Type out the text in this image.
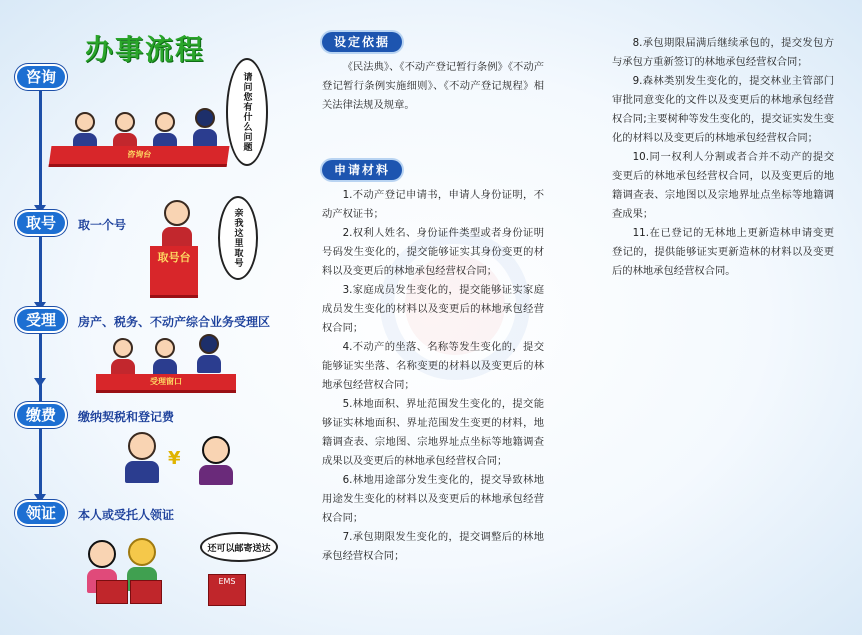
办事流程
咨询	请问您有什么问题
咨询台
取号	取一个号
取号台	亲我这里取号
受理	房产、税务、不动产综合业务受理区
受理窗口
缴费	缴纳契税和登记费
¥
领证	本人或受托人领证
还可以邮寄送达
EMS
设定依据

《民法典》、《不动产登记暂行条例》《不动产登记暂行条例实施细则》、《不动产登记规程》相关法律法规及规章。

申请材料

1.不动产登记申请书，申请人身份证明，不动产权证书；

2.权利人姓名、身份证件类型或者身份证明号码发生变化的，提交能够证实其身份变更的材料以及变更后的林地承包经营权合同；

3.家庭成员发生变化的，提交能够证实家庭成员发生变化的材料以及变更后的林地承包经营权合同；

4.不动产的坐落、名称等发生变化的，提交能够证实坐落、名称变更的材料以及变更后的林地承包经营权合同；

5.林地面积、界址范围发生变化的，提交能够证实林地面积、界址范围发生变更的材料，地籍调查表、宗地图、宗地界址点坐标等地籍调查成果以及变更后的林地承包经营权合同；

6.林地用途部分发生变化的，提交导致林地用途发生变化的材料以及变更后的林地承包经营权合同；

7.承包期限发生变化的，提交调整后的林地承包经营权合同；

8.承包期限届满后继续承包的，提交发包方与承包方重新签订的林地承包经营权合同；

9.森林类别发生变化的，提交林业主管部门审批同意变化的文件以及变更后的林地承包经营权合同;主要树种等发生变化的，提交证实发生变化的材料以及变更后的林地承包经营权合同；

10.同一权利人分割或者合并不动产的提交变更后的林地承包经营权合同，以及变更后的地籍调查表、宗地图以及宗地界址点坐标等地籍调查成果；

11.在已登记的无林地上更新造林申请变更登记的，提供能够证实更新造林的材料以及变更后的林地承包经营权合同。
